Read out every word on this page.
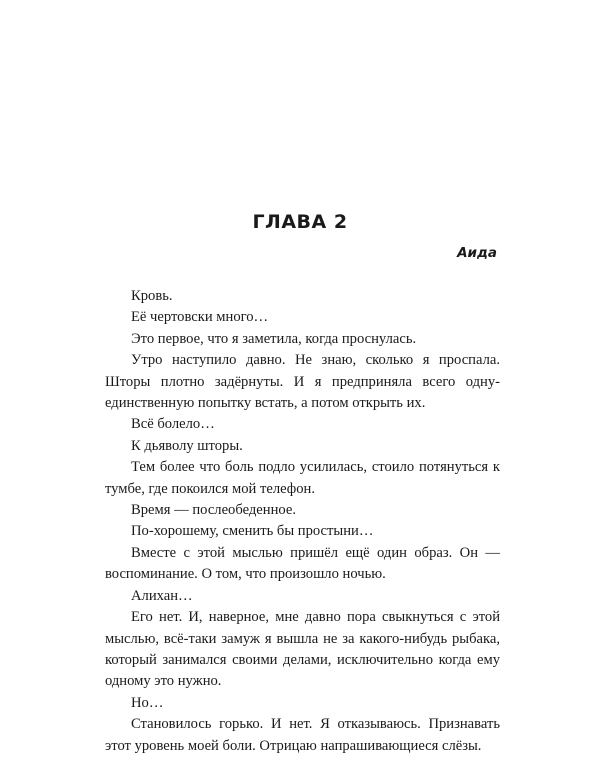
ГЛАВА 2
Аида

Кровь.

Её чертовски много…

Это первое, что я заметила, когда проснулась.

Утро наступило давно. Не знаю, сколько я проспала. Шторы плотно задёрнуты. И я предприняла всего одну-единственную попытку встать, а потом открыть их.

Всё болело…

К дьяволу шторы.

Тем более что боль подло усилилась, стоило потянуться к тумбе, где покоился мой телефон.

Время — послеобеденное.

По-хорошему, сменить бы простыни…

Вместе с этой мыслью пришёл ещё один образ. Он — воспоминание. О том, что произошло ночью.

Алихан…

Его нет. И, наверное, мне давно пора свыкнуться с этой мыслью, всё-таки замуж я вышла не за какого-нибудь рыбака, который занимался своими делами, исключительно когда ему одному это нужно.

Но…

Становилось горько. И нет. Я отказываюсь. Признавать этот уровень моей боли. Отрицаю напрашивающиеся слёзы.
